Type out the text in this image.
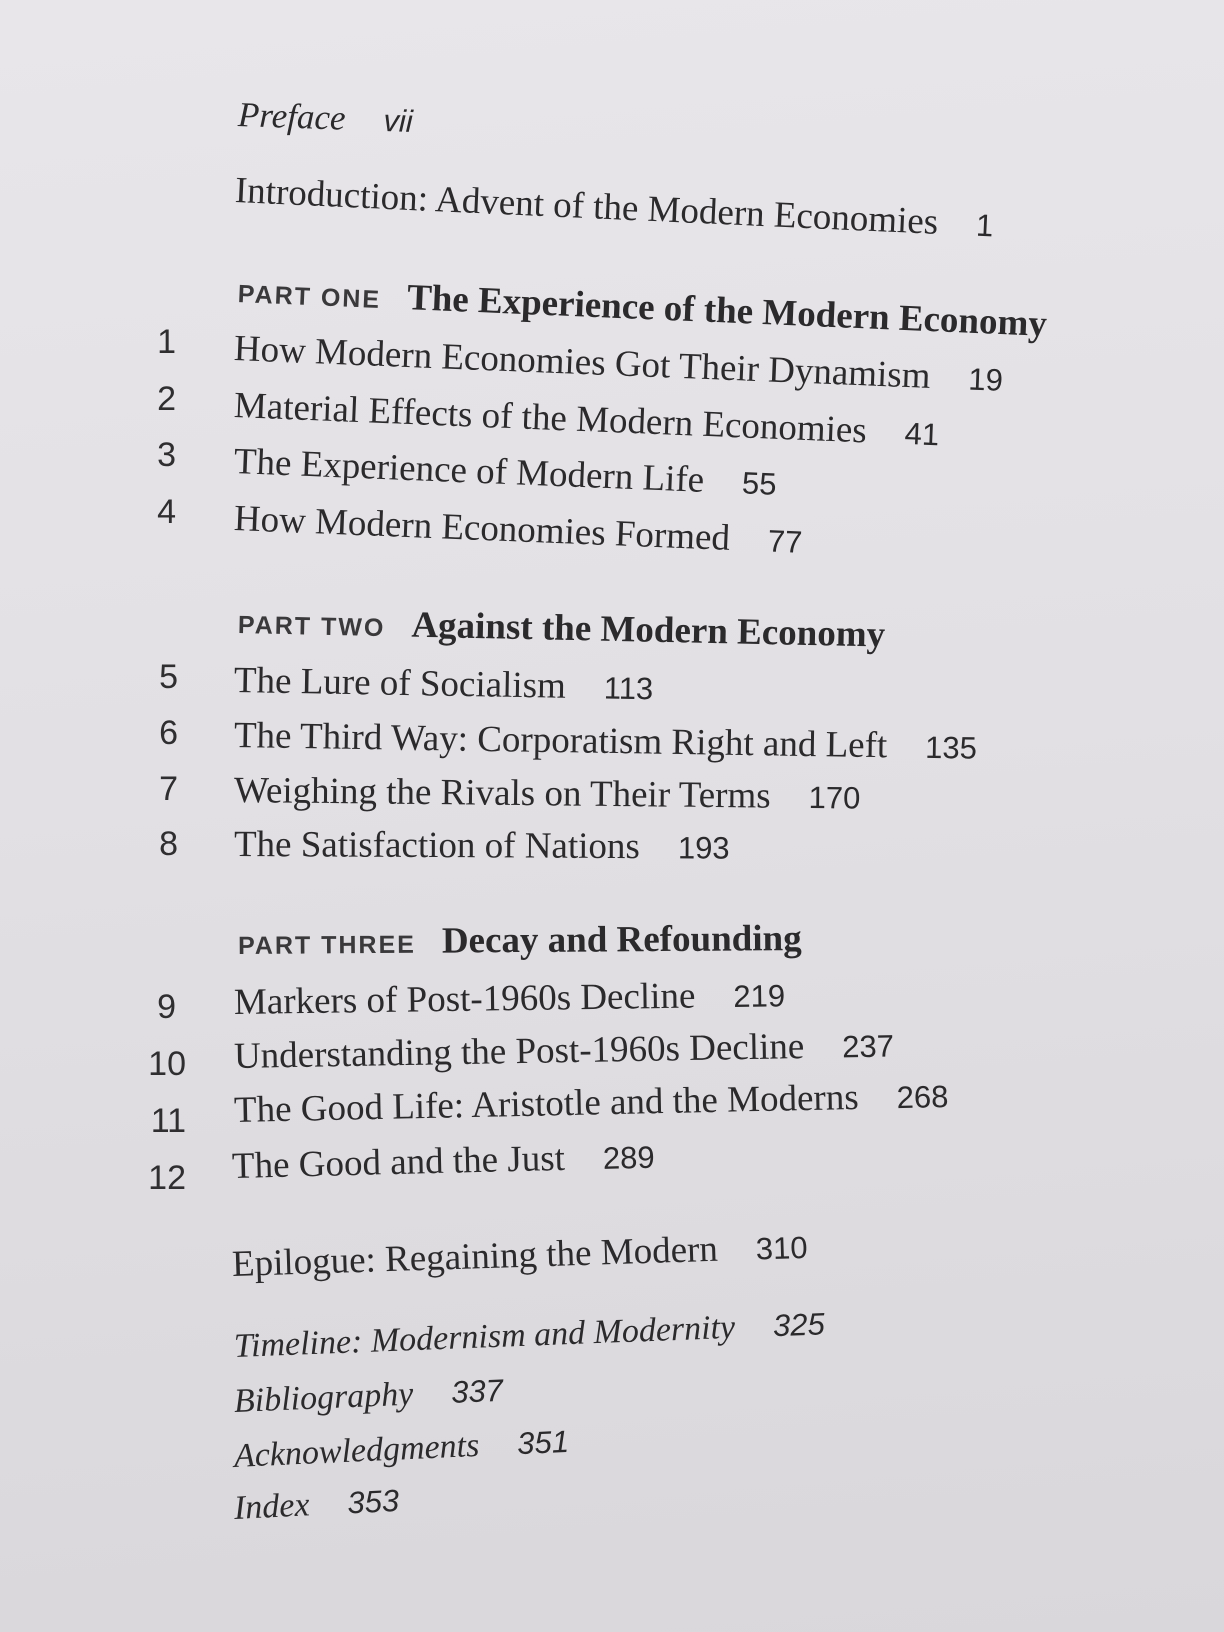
Preface vii
Introduction: Advent of the Modern Economies 1
PART ONE The Experience of the Modern Economy
1 How Modern Economies Got Their Dynamism 19
2 Material Effects of the Modern Economies 41
3 The Experience of Modern Life 55
4 How Modern Economies Formed 77
PART TWO Against the Modern Economy
5 The Lure of Socialism 113
6 The Third Way: Corporatism Right and Left 135
7 Weighing the Rivals on Their Terms 170
8 The Satisfaction of Nations 193
PART THREE Decay and Refounding
9 Markers of Post-1960s Decline 219
10 Understanding the Post-1960s Decline 237
11 The Good Life: Aristotle and the Moderns 268
12 The Good and the Just 289
Epilogue: Regaining the Modern 310
Timeline: Modernism and Modernity 325
Bibliography 337
Acknowledgments 351
Index 353
